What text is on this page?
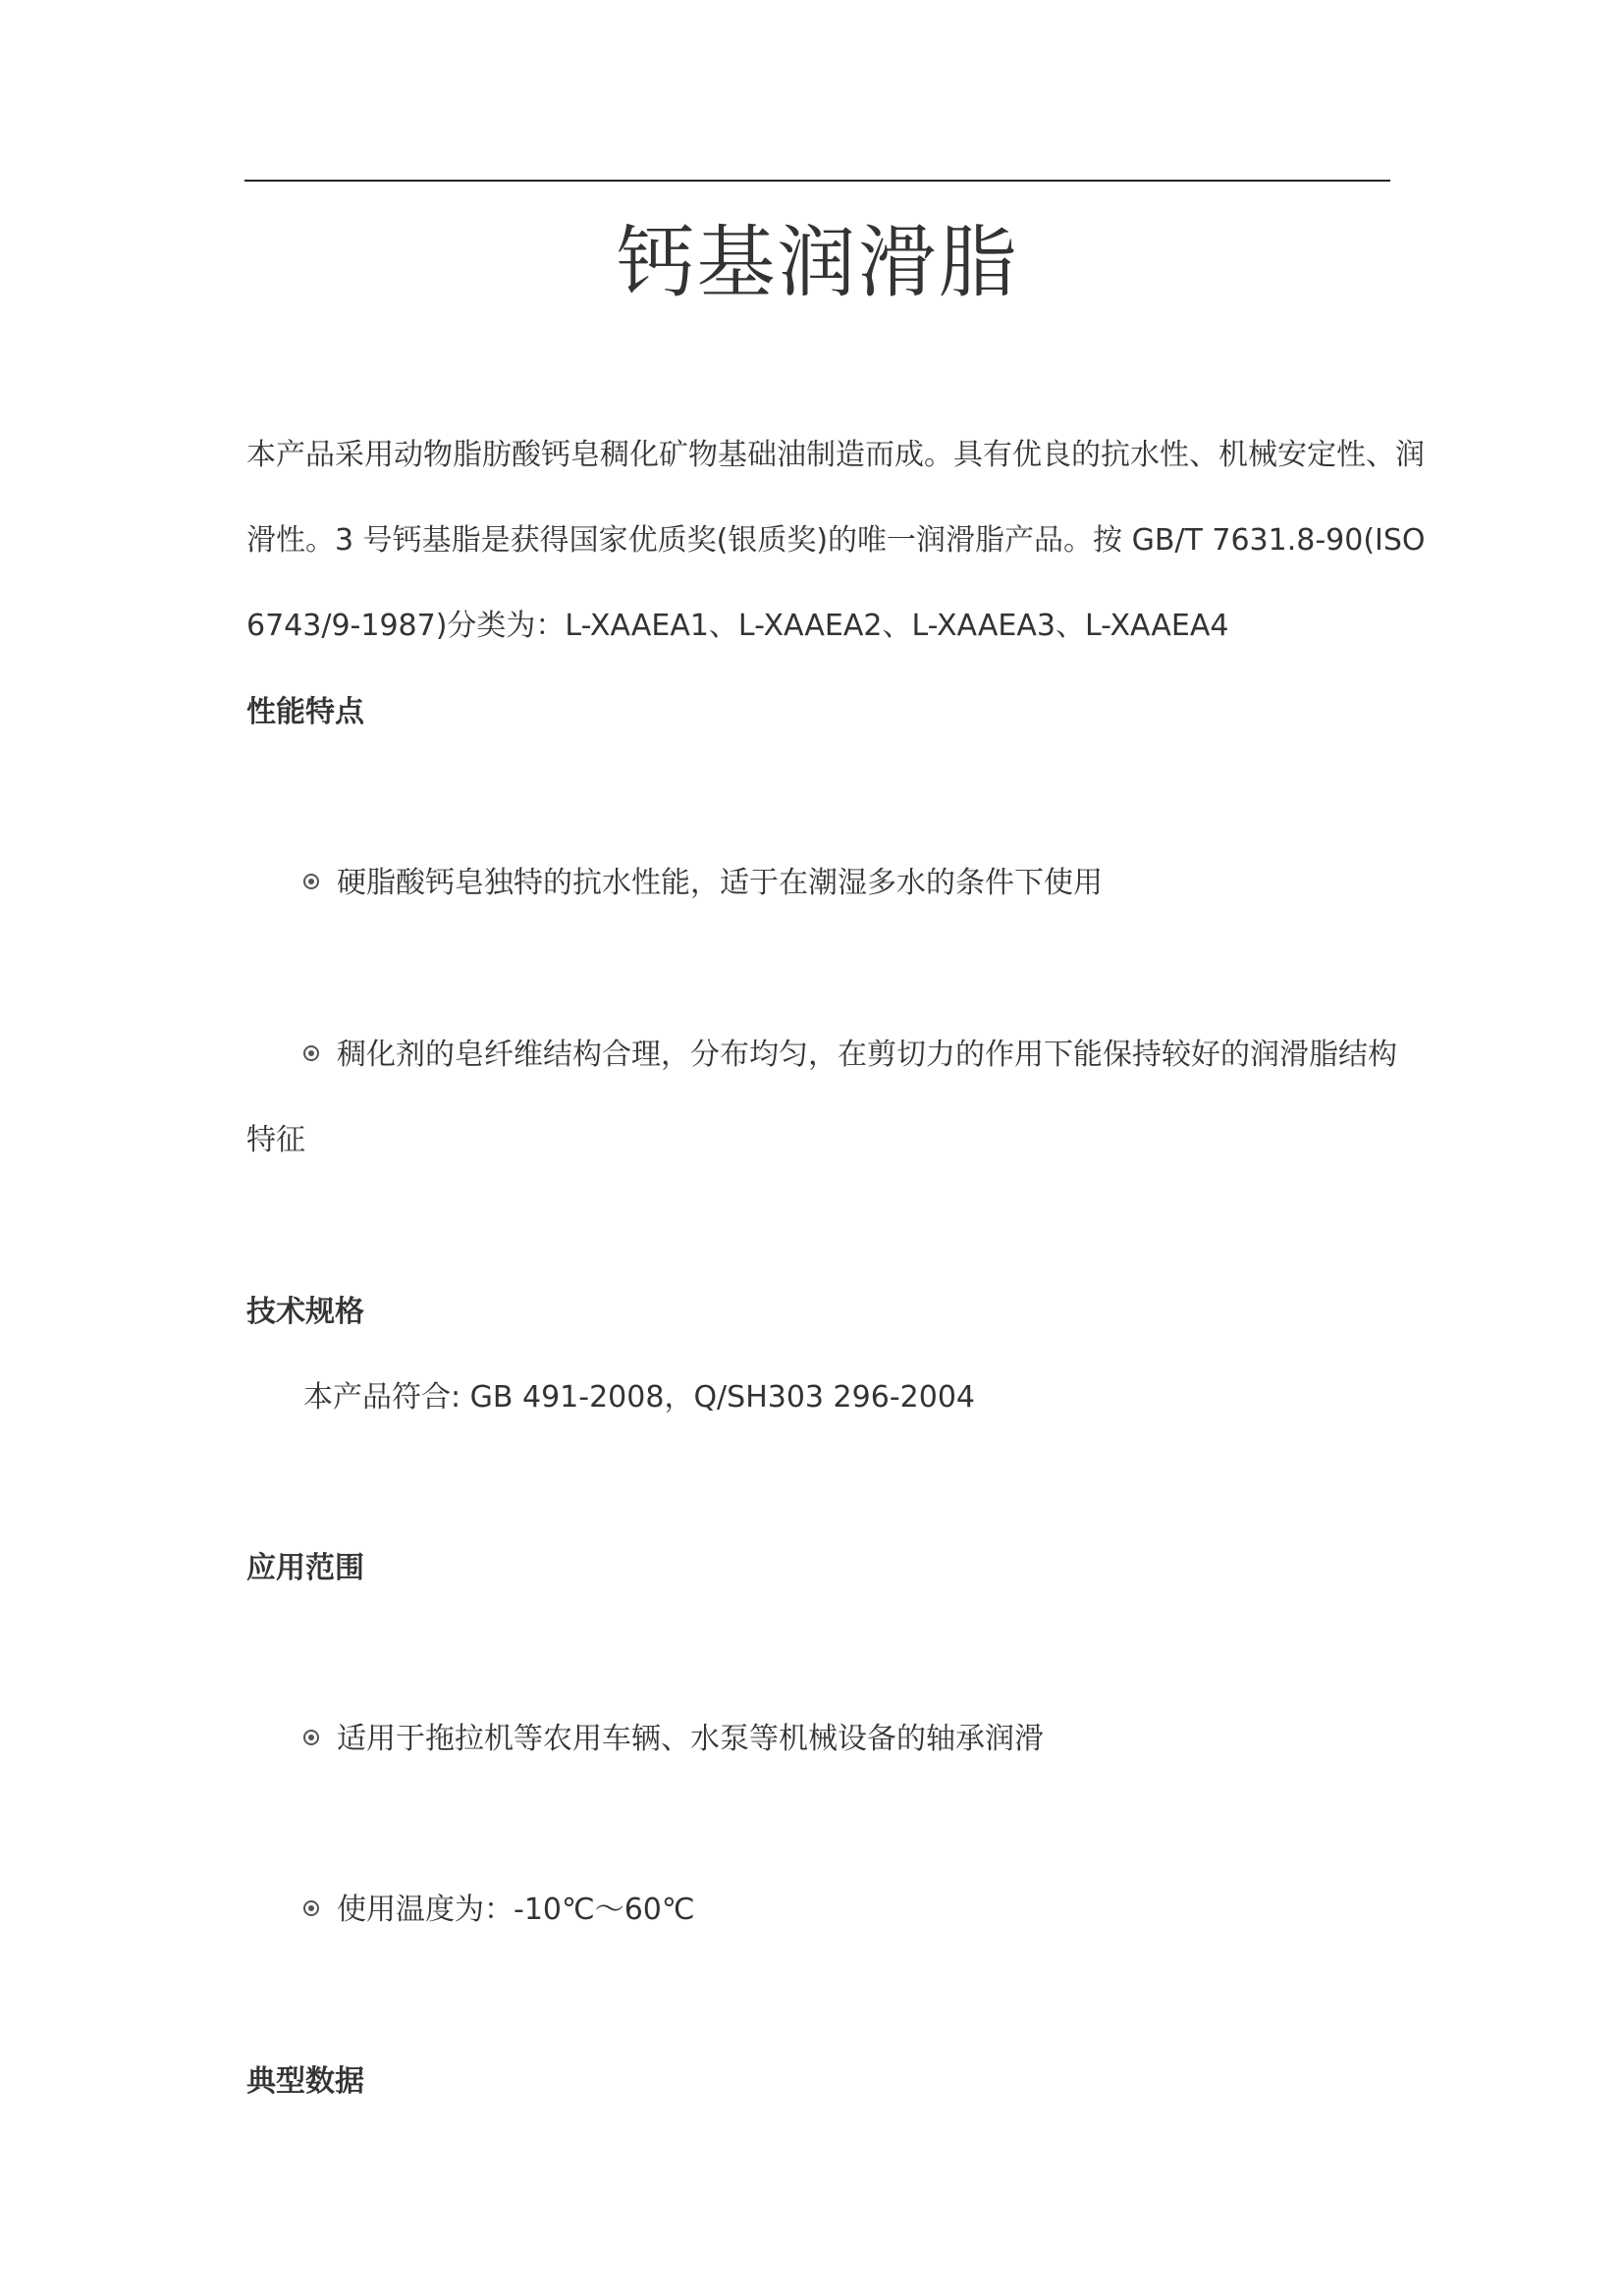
钙基润滑脂
本产品采用动物脂肪酸钙皂稠化矿物基础油制造而成。具有优良的抗水性、机械安定性、润
滑性。3 号钙基脂是获得国家优质奖(银质奖)的唯一润滑脂产品。按 GB/T 7631.8-90(ISO
6743/9-1987)分类为：L-XAAEA1、L-XAAEA2、L-XAAEA3、L-XAAEA4
性能特点
硬脂酸钙皂独特的抗水性能，适于在潮湿多水的条件下使用
稠化剂的皂纤维结构合理，分布均匀，在剪切力的作用下能保持较好的润滑脂结构
特征
技术规格
本产品符合: GB 491-2008，Q/SH303 296-2004
应用范围
适用于拖拉机等农用车辆、水泵等机械设备的轴承润滑
使用温度为：-10℃～60℃
典型数据
